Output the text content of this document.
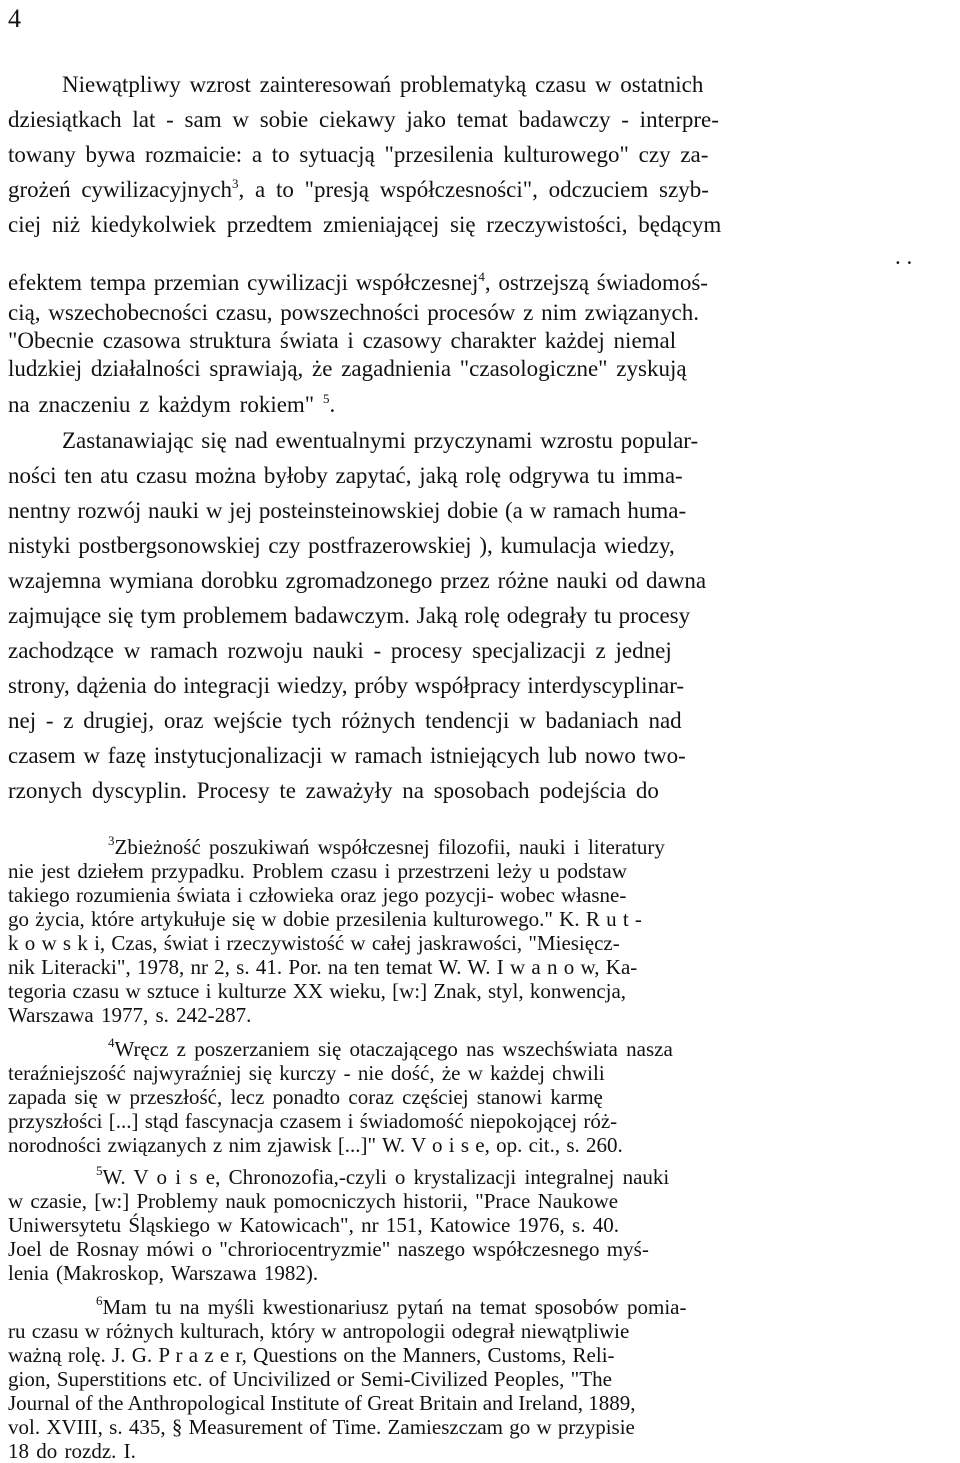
4
Niewątpliwy wzrost zainteresowań problematyką czasu w ostatnich
dziesiątkach lat - sam w sobie ciekawy jako temat badawczy - interpre-
towany bywa rozmaicie: a to sytuacją "przesilenia kulturowego" czy za-
grożeń cywilizacyjnych$^3$, a to "presją współczesności", odczuciem szyb-
ciej niż kiedykolwiek przedtem zmieniającej się rzeczywistości, będącym
. .
efektem tempa przemian cywilizacji współczesnej$^4$, ostrzejszą świadomoś-
cią, wszechobecności czasu, powszechności procesów z nim związanych.
"Obecnie czasowa struktura świata i czasowy charakter każdej niemal
ludzkiej działalności sprawiają, że zagadnienia "czasologiczne" zyskują
na znaczeniu z każdym rokiem" $^5$.
Zastanawiając się nad ewentualnymi przyczynami wzrostu popular-
ności ten atu czasu można byłoby zapytać, jaką rolę odgrywa tu imma-
nentny rozwój nauki w jej posteinsteinowskiej dobie (a w ramach huma-
nistyki postbergsonowskiej czy postfrazerowskiej ), kumulacja wiedzy,
wzajemna wymiana dorobku zgromadzonego przez różne nauki od dawna
zajmujące się tym problemem badawczym. Jaką rolę odegrały tu procesy
zachodzące w ramach rozwoju nauki - procesy specjalizacji z jednej
strony, dążenia do integracji wiedzy, próby współpracy interdyscyplinar-
nej - z drugiej, oraz wejście tych różnych tendencji w badaniach nad
czasem w fazę instytucjonalizacji w ramach istniejących lub nowo two-
rzonych dyscyplin. Procesy te zaważyły na sposobach podejścia do
$^3$Zbieżność poszukiwań współczesnej filozofii, nauki i literatury
nie jest dziełem przypadku. Problem czasu i przestrzeni leży u podstaw
takiego rozumienia świata i człowieka oraz jego pozycji- wobec własne-
go życia, które artykułuje się w dobie przesilenia kulturowego." K. R u t -
k o w s k i, Czas, świat i rzeczywistość w całej jaskrawości, "Miesięcz-
nik Literacki", 1978, nr 2, s. 41. Por. na ten temat W. W. I w a n o w, Ka-
tegoria czasu w sztuce i kulturze XX wieku, [w:] Znak, styl, konwencja,
Warszawa 1977, s. 242-287.
$^4$Wręcz z poszerzaniem się otaczającego nas wszechświata nasza
teraźniejszość najwyraźniej się kurczy - nie dość, że w każdej chwili
zapada się w przeszłość, lecz ponadto coraz częściej stanowi karmę
przyszłości [...] stąd fascynacja czasem i świadomość niepokojącej róż-
norodności związanych z nim zjawisk [...]" W. V o i s e, op. cit., s. 260.
$^5$W. V o i s e, Chronozofia,-czyli o krystalizacji integralnej nauki
w czasie, [w:] Problemy nauk pomocniczych historii, "Prace Naukowe
Uniwersytetu Śląskiego w Katowicach", nr 151, Katowice 1976, s. 40.
Joel de Rosnay mówi o "chroriocentryzmie" naszego współczesnego myś-
lenia (Makroskop, Warszawa 1982).
$^6$Mam tu na myśli kwestionariusz pytań na temat sposobów pomia-
ru czasu w różnych kulturach, który w antropologii odegrał niewątpliwie
ważną rolę. J. G. P r a z e r, Questions on the Manners, Customs, Reli-
gion, Superstitions etc. of Uncivilized or Semi-Civilized Peoples, "The
Journal of the Anthropological Institute of Great Britain and Ireland, 1889,
vol. XVIII, s. 435, § Measurement of Time. Zamieszczam go w przypisie
18 do rozdz. I.
